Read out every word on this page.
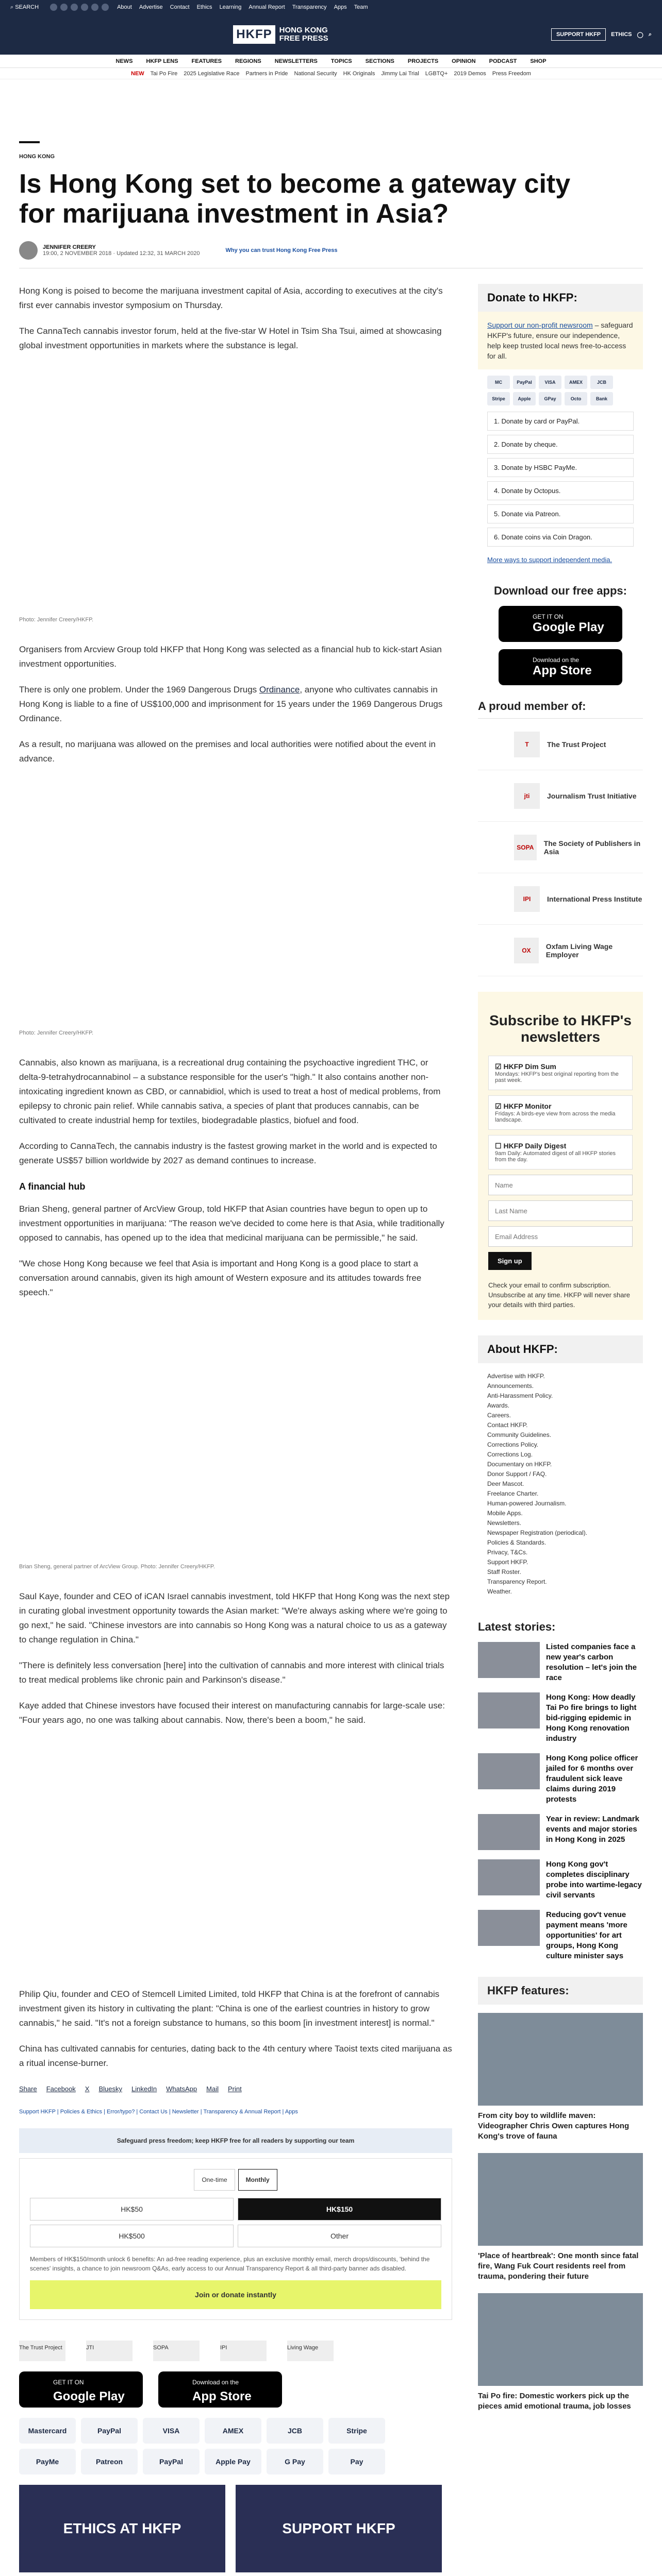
⌕ SEARCH	About Advertise Contact Ethics Learning Annual Report Transparency Apps Team
HKFP HONG KONG
FREE PRESS	SUPPORT HKFP	ETHICS ◯ ⌕
NEWS HKFP LENS FEATURES REGIONS NEWSLETTERS TOPICS SECTIONS PROJECTS OPINION PODCAST SHOP
NEW Tai Po Fire 2025 Legislative Race Partners in Pride National Security HK Originals Jimmy Lai Trial LGBTQ+ 2019 Demos Press Freedom
HONG KONG
Is Hong Kong set to become a gateway city for marijuana investment in Asia?
JENNIFER CREERY
19:00, 2 NOVEMBER 2018 · Updated 12:32, 31 MARCH 2020	Why you can trust Hong Kong Free Press

Hong Kong is poised to become the marijuana investment capital of Asia, according to executives at the city's first ever cannabis investor symposium on Thursday.

The CannaTech cannabis investor forum, held at the five-star W Hotel in Tsim Sha Tsui, aimed at showcasing global investment opportunities in markets where the substance is legal.

Photo: Jennifer Creery/HKFP.

Organisers from Arcview Group told HKFP that Hong Kong was selected as a financial hub to kick-start Asian investment opportunities.

There is only one problem. Under the 1969 Dangerous Drugs Ordinance, anyone who cultivates cannabis in Hong Kong is liable to a fine of US$100,000 and imprisonment for 15 years under the 1969 Dangerous Drugs Ordinance.

As a result, no marijuana was allowed on the premises and local authorities were notified about the event in advance.

Photo: Jennifer Creery/HKFP.

Cannabis, also known as marijuana, is a recreational drug containing the psychoactive ingredient THC, or delta-9-tetrahydrocannabinol – a substance responsible for the user's "high." It also contains another non-intoxicating ingredient known as CBD, or cannabidiol, which is used to treat a host of medical problems, from epilepsy to chronic pain relief. While cannabis sativa, a species of plant that produces cannabis, can be cultivated to create industrial hemp for textiles, biodegradable plastics, biofuel and food.

According to CannaTech, the cannabis industry is the fastest growing market in the world and is expected to generate US$57 billion worldwide by 2027 as demand continues to increase.

A financial hub

Brian Sheng, general partner of ArcView Group, told HKFP that Asian countries have begun to open up to investment opportunities in marijuana: "The reason we've decided to come here is that Asia, while traditionally opposed to cannabis, has opened up to the idea that medicinal marijuana can be permissible," he said.

"We chose Hong Kong because we feel that Asia is important and Hong Kong is a good place to start a conversation around cannabis, given its high amount of Western exposure and its attitudes towards free speech."

Brian Sheng, general partner of ArcView Group. Photo: Jennifer Creery/HKFP.

Saul Kaye, founder and CEO of iCAN Israel cannabis investment, told HKFP that Hong Kong was the next step in curating global investment opportunity towards the Asian market: "We're always asking where we're going to go next," he said. "Chinese investors are into cannabis so Hong Kong was a natural choice to us as a gateway to change regulation in China."

"There is definitely less conversation [here] into the cultivation of cannabis and more interest with clinical trials to treat medical problems like chronic pain and Parkinson's disease."

Kaye added that Chinese investors have focused their interest on manufacturing cannabis for large-scale use: "Four years ago, no one was talking about cannabis. Now, there's been a boom," he said.

Philip Qiu, founder and CEO of Stemcell Limited Limited, told HKFP that China is at the forefront of cannabis investment given its history in cultivating the plant: "China is one of the earliest countries in history to grow cannabis," he said. "It's not a foreign substance to humans, so this boom [in investment interest] is normal."

China has cultivated cannabis for centuries, dating back to the 4th century where Taoist texts cited marijuana as a ritual incense-burner.

Share Facebook X Bluesky LinkedIn WhatsApp Mail Print
Support HKFP | Policies & Ethics | Error/typo? | Contact Us | Newsletter | Transparency & Annual Report | Apps
Safeguard press freedom; keep HKFP free for all readers by supporting our team
One-time	Monthly
HK$50	HK$150
HK$500	Other
Members of HK$150/month unlock 6 benefits: An ad-free reading experience, plus an exclusive monthly email, merch drops/discounts, 'behind the scenes' insights, a chance to join newsroom Q&As, early access to our Annual Transparency Report & all third-party banner ads disabled.
Join or donate instantly
The Trust Project	JTI	SOPA	IPI	Living Wage
GET IT ON
Google Play
Download on the
App Store
Mastercard	PayPal	VISA	AMEX	JCB	Stripe
PayMe	Patreon	PayPal	Apple Pay	G Pay	Pay
ETHICS AT HKFP	SUPPORT HKFP
Donate to HKFP:
Support our non-profit newsroom – safeguard HKFP's future, ensure our independence, help keep trusted local news free-to-access for all.
MC	PayPal	VISA	AMEX	JCB
Stripe	Apple	GPay	Octo	Bank
1. Donate by card or PayPal.
2. Donate by cheque.
3. Donate by HSBC PayMe.
4. Donate by Octopus.
5. Donate via Patreon.
6. Donate coins via Coin Dragon.
More ways to support independent media.
Download our free apps:
GET IT ON
Google Play
Download on the
App Store
A proud member of:
T	The Trust Project
jti	Journalism Trust Initiative
SOPA	The Society of Publishers in Asia
IPI	International Press Institute
OX	Oxfam Living Wage Employer
Subscribe to HKFP's newsletters
☑ HKFP Dim Sum
Mondays: HKFP's best original reporting from the past week.
☑ HKFP Monitor
Fridays: A birds-eye view from across the media landscape.
☐ HKFP Daily Digest
9am Daily: Automated digest of all HKFP stories from the day.
Name Last Name Email Address Sign up
Check your email to confirm subscription. Unsubscribe at any time. HKFP will never share your details with third parties.
About HKFP:
Advertise with HKFP.
Announcements.
Anti-Harassment Policy.
Awards.
Careers.
Contact HKFP.
Community Guidelines.
Corrections Policy.
Corrections Log.
Documentary on HKFP.
Donor Support / FAQ.
Deer Mascot.
Freelance Charter.
Human-powered Journalism.
Mobile Apps.
Newsletters.
Newspaper Registration (periodical).
Policies & Standards.
Privacy, T&Cs.
Support HKFP.
Staff Roster.
Transparency Report.
Weather.
Latest stories:
Listed companies face a new year's carbon resolution – let's join the race
Hong Kong: How deadly Tai Po fire brings to light bid-rigging epidemic in Hong Kong renovation industry
Hong Kong police officer jailed for 6 months over fraudulent sick leave claims during 2019 protests
Year in review: Landmark events and major stories in Hong Kong in 2025
Hong Kong gov't completes disciplinary probe into wartime-legacy civil servants
Reducing gov't venue payment means 'more opportunities' for art groups, Hong Kong culture minister says
HKFP features:

From city boy to wildlife maven: Videographer Chris Owen captures Hong Kong's trove of fauna

'Place of heartbreak': One month since fatal fire, Wang Fuk Court residents reel from trauma, pondering their future

Tai Po fire: Domestic workers pick up the pieces amid emotional trauma, job losses
